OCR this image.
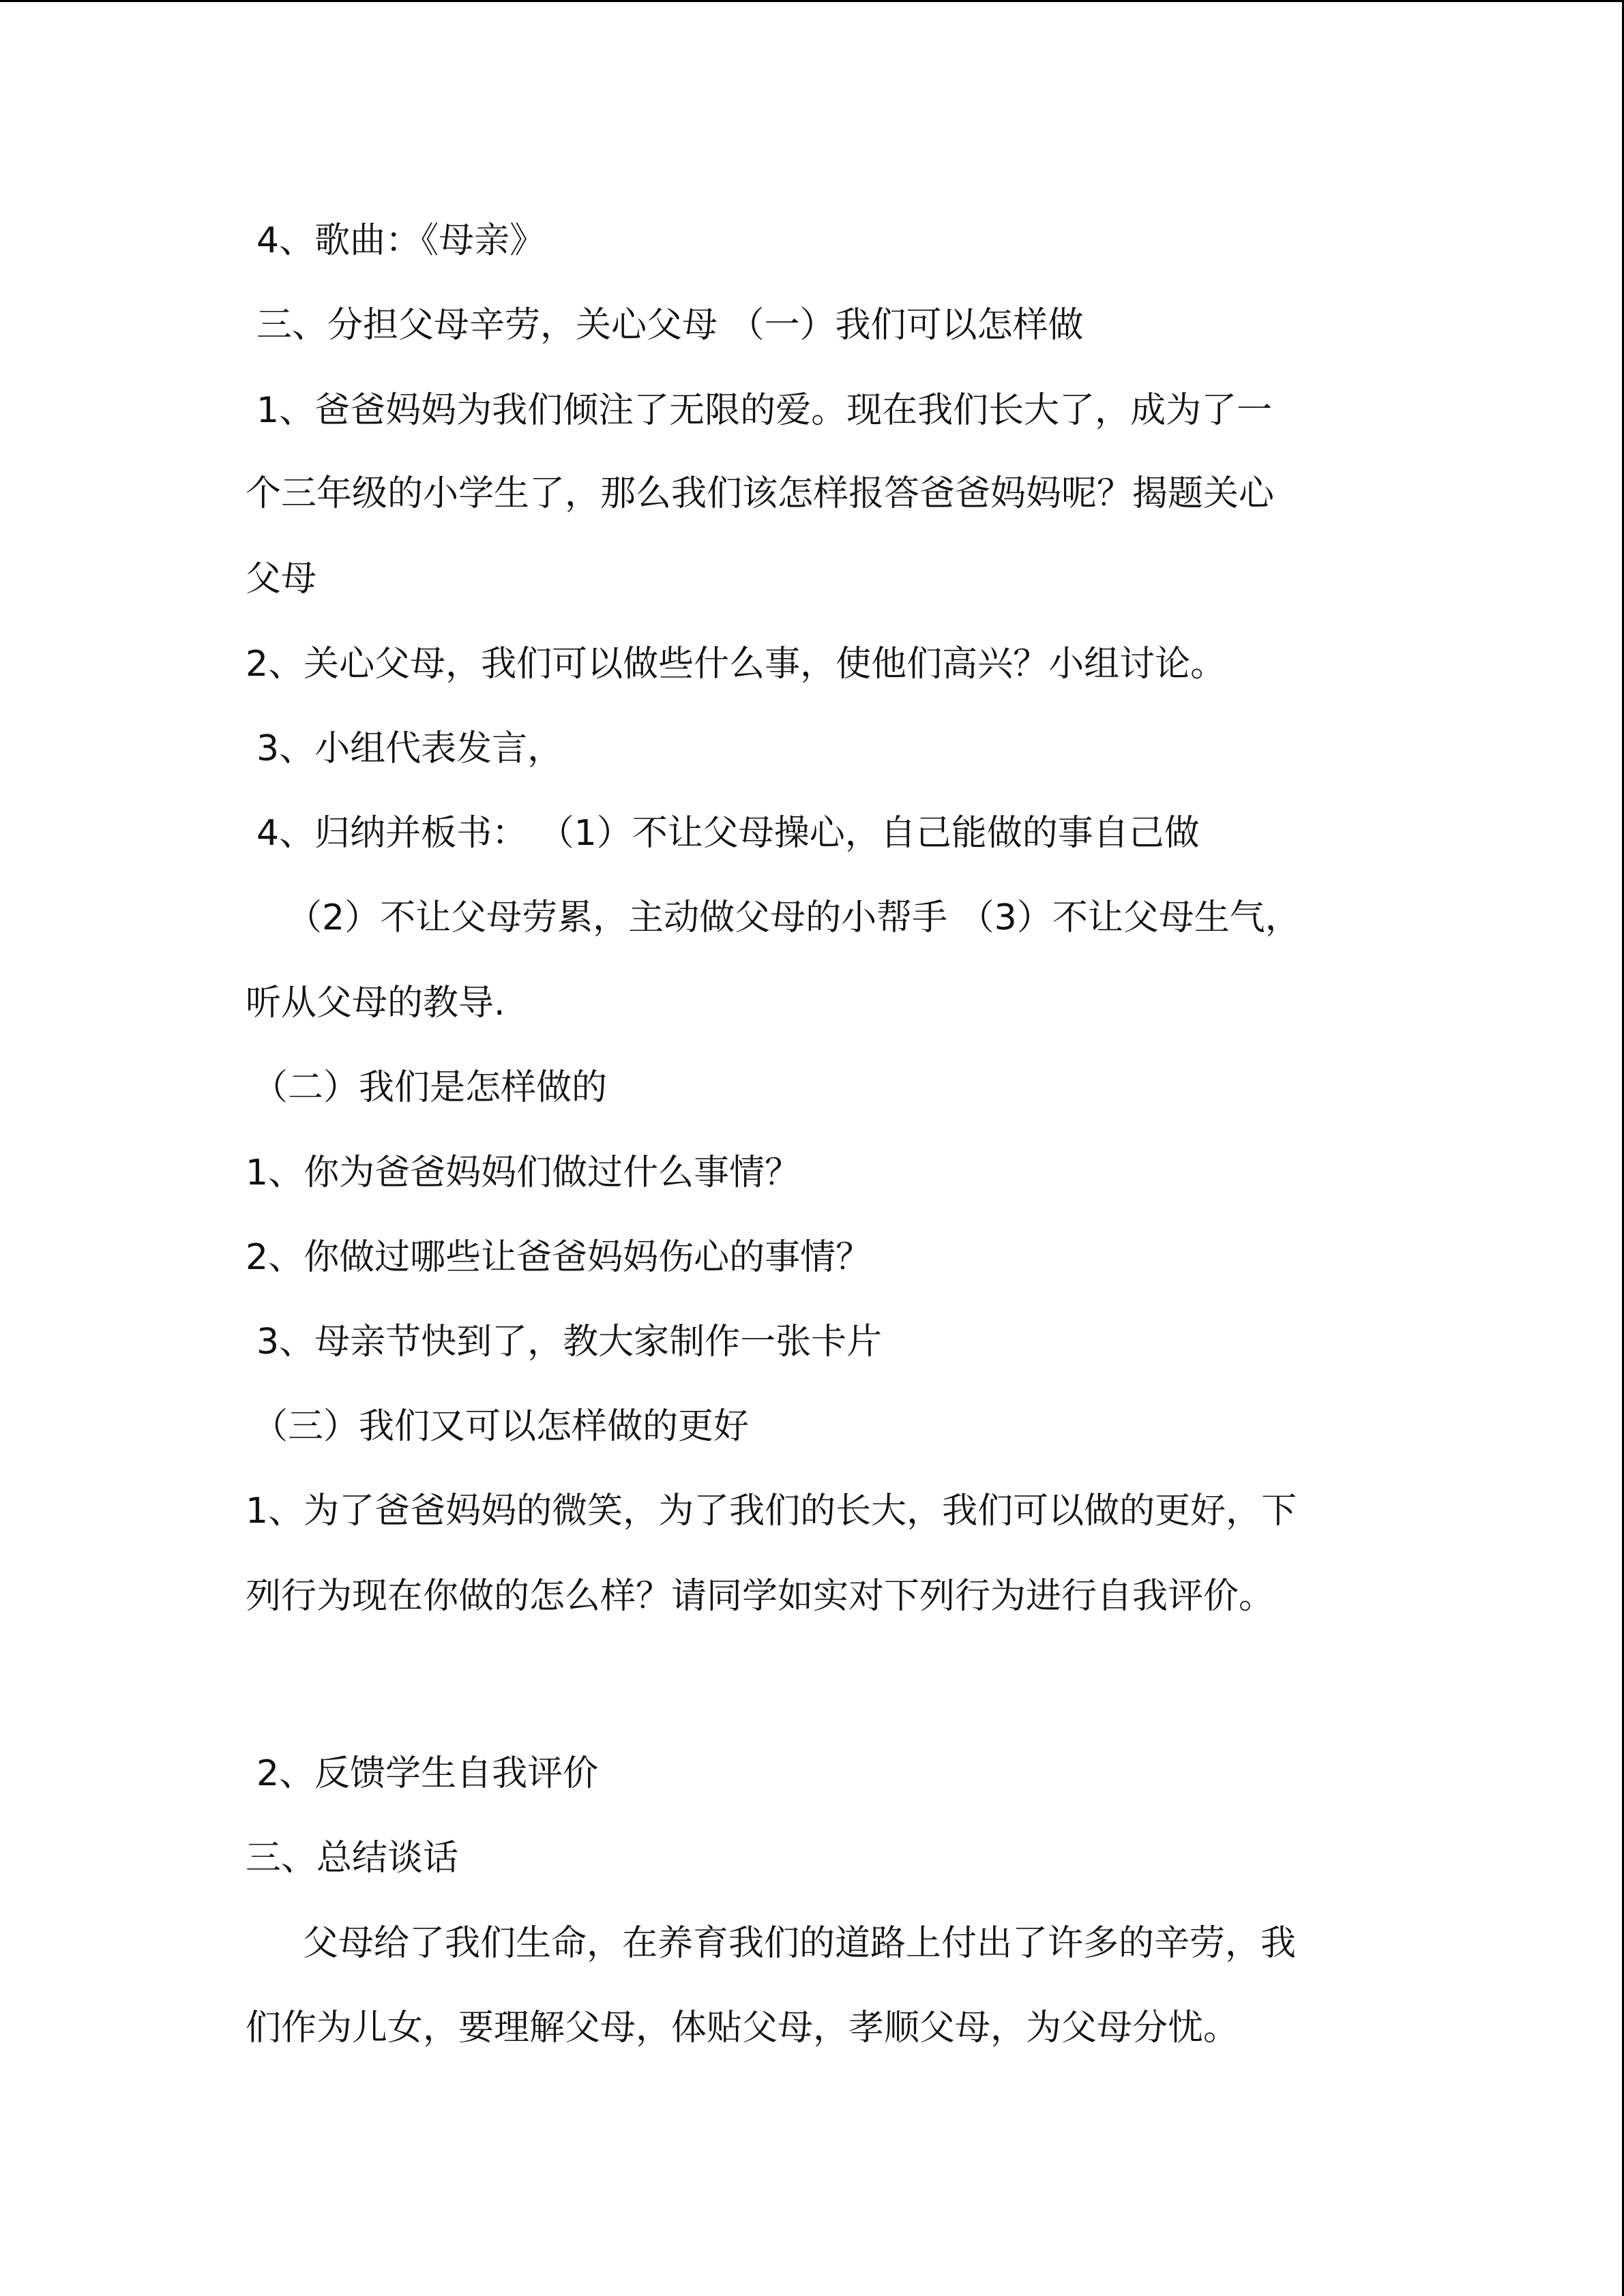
4、歌曲：《母亲》
三、分担父母辛劳，关心父母 （一）我们可以怎样做
1、爸爸妈妈为我们倾注了无限的爱。现在我们长大了，成为了一
个三年级的小学生了，那么我们该怎样报答爸爸妈妈呢？揭题关心
父母
2、关心父母，我们可以做些什么事，使他们高兴？小组讨论。
3、小组代表发言，
4、归纳并板书： （1）不让父母操心，自己能做的事自己做
（2）不让父母劳累，主动做父母的小帮手 （3）不让父母生气，
听从父母的教导.
（二）我们是怎样做的
1、你为爸爸妈妈们做过什么事情？
2、你做过哪些让爸爸妈妈伤心的事情？
3、母亲节快到了，教大家制作一张卡片
（三）我们又可以怎样做的更好
1、为了爸爸妈妈的微笑，为了我们的长大，我们可以做的更好，下
列行为现在你做的怎么样？请同学如实对下列行为进行自我评价。
2、反馈学生自我评价
三、总结谈话
父母给了我们生命，在养育我们的道路上付出了许多的辛劳，我
们作为儿女，要理解父母，体贴父母，孝顺父母，为父母分忧。
